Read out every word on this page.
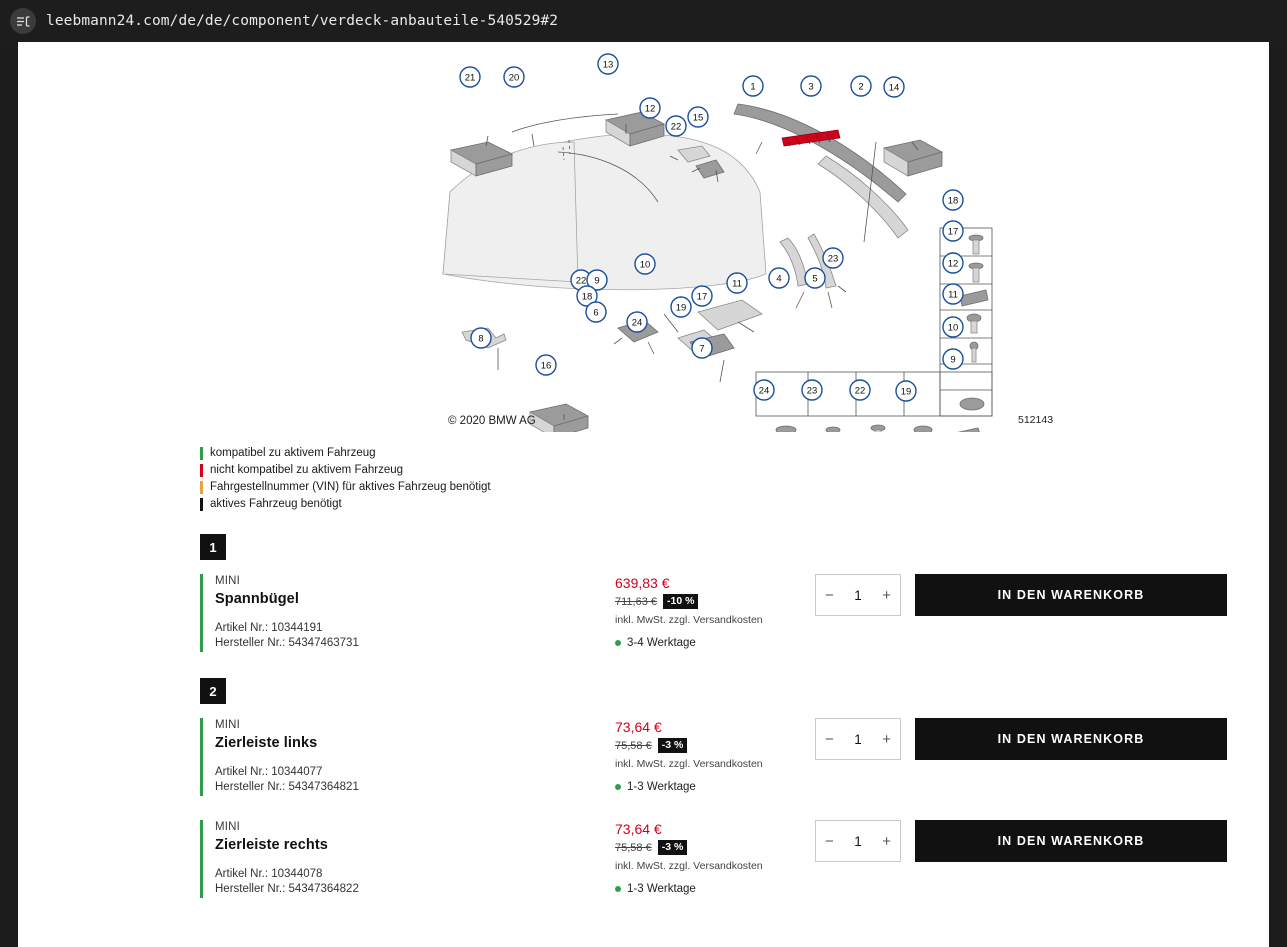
leebmann24.com/de/de/component/verdeck-anbauteile-540529#2
21	20
13
12
22
15
1	3	2	14
18
17
12
11
10
9
24	23	22	19
4	5
23
8
22 9
18
6
10
24
19
17
11
7
16
© 2020 BMW AG	512143
kompatibel zu aktivem Fahrzeug
nicht kompatibel zu aktivem Fahrzeug
Fahrgestellnummer (VIN) für aktives Fahrzeug benötigt
aktives Fahrzeug benötigt
1
MINI
Spannbügel
Artikel Nr.: 10344191
Hersteller Nr.: 54347463731
639,83 €
711,63 € -10 %
inkl. MwSt. zzgl. Versandkosten
3-4 Werktage
− 1 +	IN DEN WARENKORB
2
MINI
Zierleiste links
Artikel Nr.: 10344077
Hersteller Nr.: 54347364821
73,64 €
75,58 € -3 %
inkl. MwSt. zzgl. Versandkosten
1-3 Werktage
− 1 +	IN DEN WARENKORB
MINI
Zierleiste rechts
Artikel Nr.: 10344078
Hersteller Nr.: 54347364822
73,64 €
75,58 € -3 %
inkl. MwSt. zzgl. Versandkosten
1-3 Werktage
− 1 +	IN DEN WARENKORB
